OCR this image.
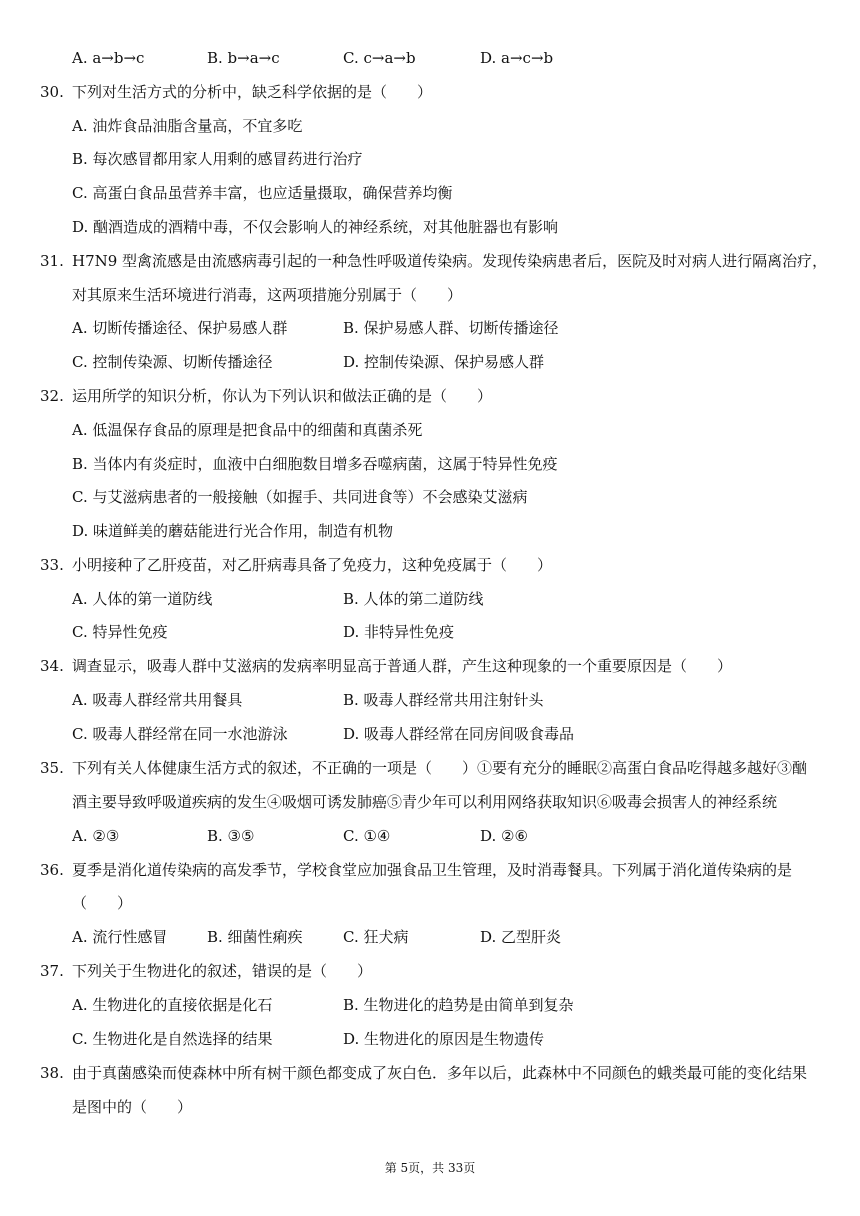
A. a→b→c	B. b→a→c	C. c→a→b	D. a→c→b
30. 下列对生活方式的分析中，缺乏科学依据的是（　　）
A. 油炸食品油脂含量高，不宜多吃
B. 每次感冒都用家人用剩的感冒药进行治疗
C. 高蛋白食品虽营养丰富，也应适量摄取，确保营养均衡
D. 酗酒造成的酒精中毒，不仅会影响人的神经系统，对其他脏器也有影响
31. H7N9 型禽流感是由流感病毒引起的一种急性呼吸道传染病。发现传染病患者后，医院及时对病人进行隔离治疗，
对其原来生活环境进行消毒，这两项措施分别属于（　　）
A. 切断传播途径、保护易感人群	B. 保护易感人群、切断传播途径
C. 控制传染源、切断传播途径	D. 控制传染源、保护易感人群
32. 运用所学的知识分析，你认为下列认识和做法正确的是（　　）
A. 低温保存食品的原理是把食品中的细菌和真菌杀死
B. 当体内有炎症时，血液中白细胞数目增多吞噬病菌，这属于特异性免疫
C. 与艾滋病患者的一般接触（如握手、共同进食等）不会感染艾滋病
D. 味道鲜美的蘑菇能进行光合作用，制造有机物
33. 小明接种了乙肝疫苗，对乙肝病毒具备了免疫力，这种免疫属于（　　）
A. 人体的第一道防线	B. 人体的第二道防线
C. 特异性免疫	D. 非特异性免疫
34. 调查显示，吸毒人群中艾滋病的发病率明显高于普通人群，产生这种现象的一个重要原因是（　　）
A. 吸毒人群经常共用餐具	B. 吸毒人群经常共用注射针头
C. 吸毒人群经常在同一水池游泳	D. 吸毒人群经常在同房间吸食毒品
35. 下列有关人体健康生活方式的叙述，不正确的一项是（　　）①要有充分的睡眠②高蛋白食品吃得越多越好③酗
酒主要导致呼吸道疾病的发生④吸烟可诱发肺癌⑤青少年可以利用网络获取知识⑥吸毒会损害人的神经系统
A. ②③	B. ③⑤	C. ①④	D. ②⑥
36. 夏季是消化道传染病的高发季节，学校食堂应加强食品卫生管理，及时消毒餐具。下列属于消化道传染病的是
（　　）
A. 流行性感冒	B. 细菌性痢疾	C. 狂犬病	D. 乙型肝炎
37. 下列关于生物进化的叙述，错误的是（　　）
A. 生物进化的直接依据是化石	B. 生物进化的趋势是由简单到复杂
C. 生物进化是自然选择的结果	D. 生物进化的原因是生物遗传
38. 由于真菌感染而使森林中所有树干颜色都变成了灰白色．多年以后，此森林中不同颜色的蛾类最可能的变化结果
是图中的（　　）
第 5页，共 33页
